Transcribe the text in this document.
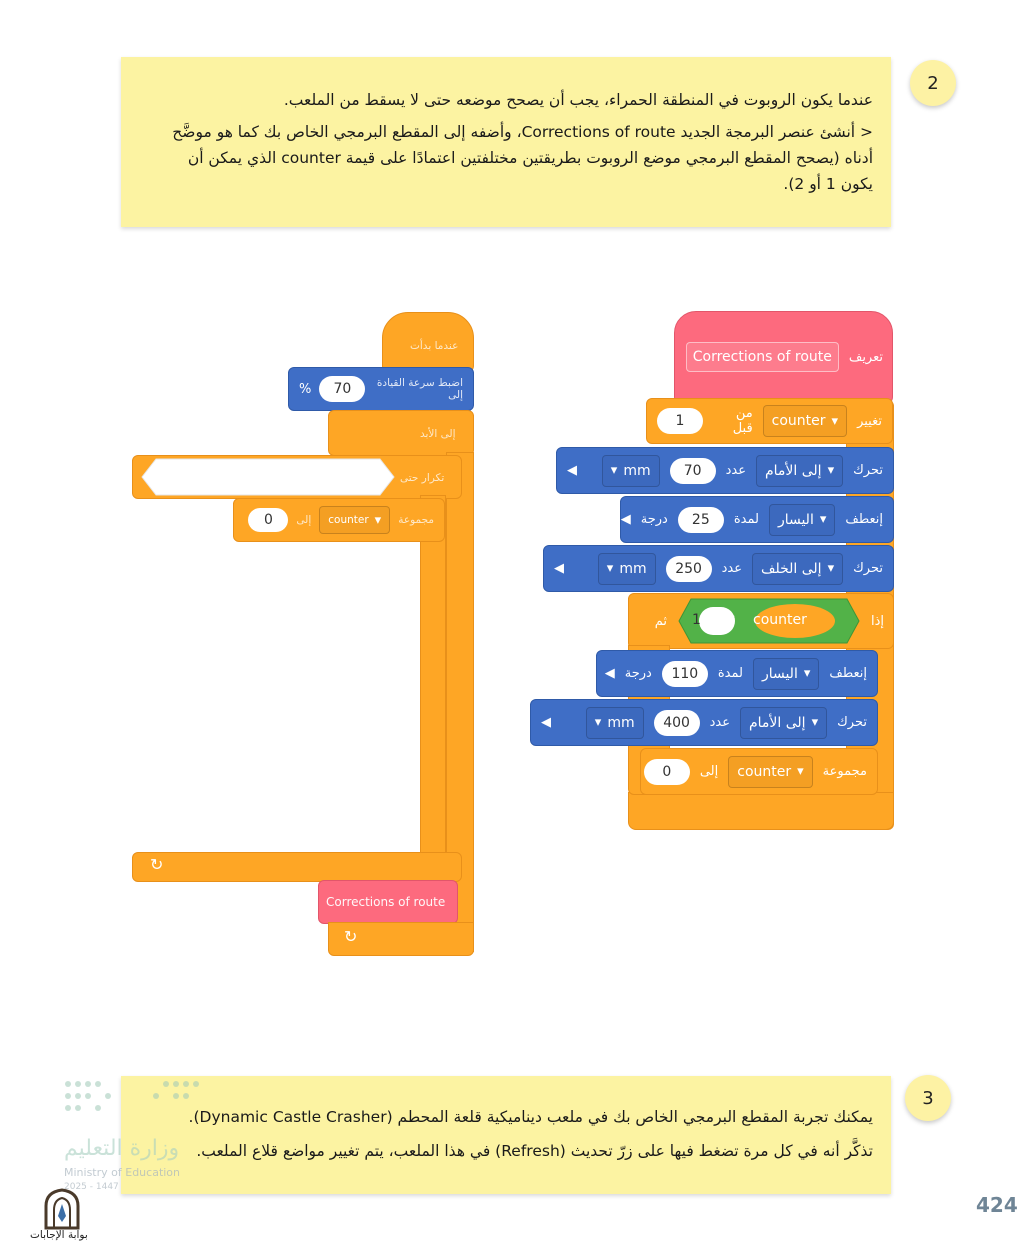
2

عندما يكون الروبوت في المنطقة الحمراء، يجب أن يصحح موضعه حتى لا يسقط من الملعب.

< أنشئ عنصر البرمجة الجديد Corrections of route، وأضفه إلى المقطع البرمجي الخاص بك كما هو موضَّح

أدناه (يصحح المقطع البرمجي موضع الروبوت بطريقتين مختلفتين اعتمادًا على قيمة counter الذي يمكن أن

يكون 1 أو 2).

تعريف
Corrections of route
تغيير
▾
counter
من قبل
1
تحرك
▾
إلى الأمام
عدد
70
▾ mm
◀
إنعطف
▾
اليسار
لمدة
25
درجة
◀
تحرك
▾
إلى الخلف
عدد
250
▾ mm
◀
إذا
ثم	counter
<
1
إنعطف
▾
اليسار
لمدة
110
درجة
◀
تحرك
▾
إلى الأمام
عدد
400
▾ mm
◀
مجموعة
▾
counter
إلى
0
عندما بدأت
اضبط سرعة القيادة إلى
70
%
إلى الأبد
تكرار حتى
مجموعة
▾
counter
إلى
0
↻
Corrections of route
↻

يمكنك تجربة المقطع البرمجي الخاص بك في ملعب ديناميكية قلعة المحطم (Dynamic Castle Crasher).

تذكَّر أنه في كل مرة تضغط فيها على زرّ تحديث (Refresh) في هذا الملعب، يتم تغيير مواضع قلاع الملعب.

3
وزارة التعليم
Ministry of Education
2025 - 1447
بوابة الإجابات
424
